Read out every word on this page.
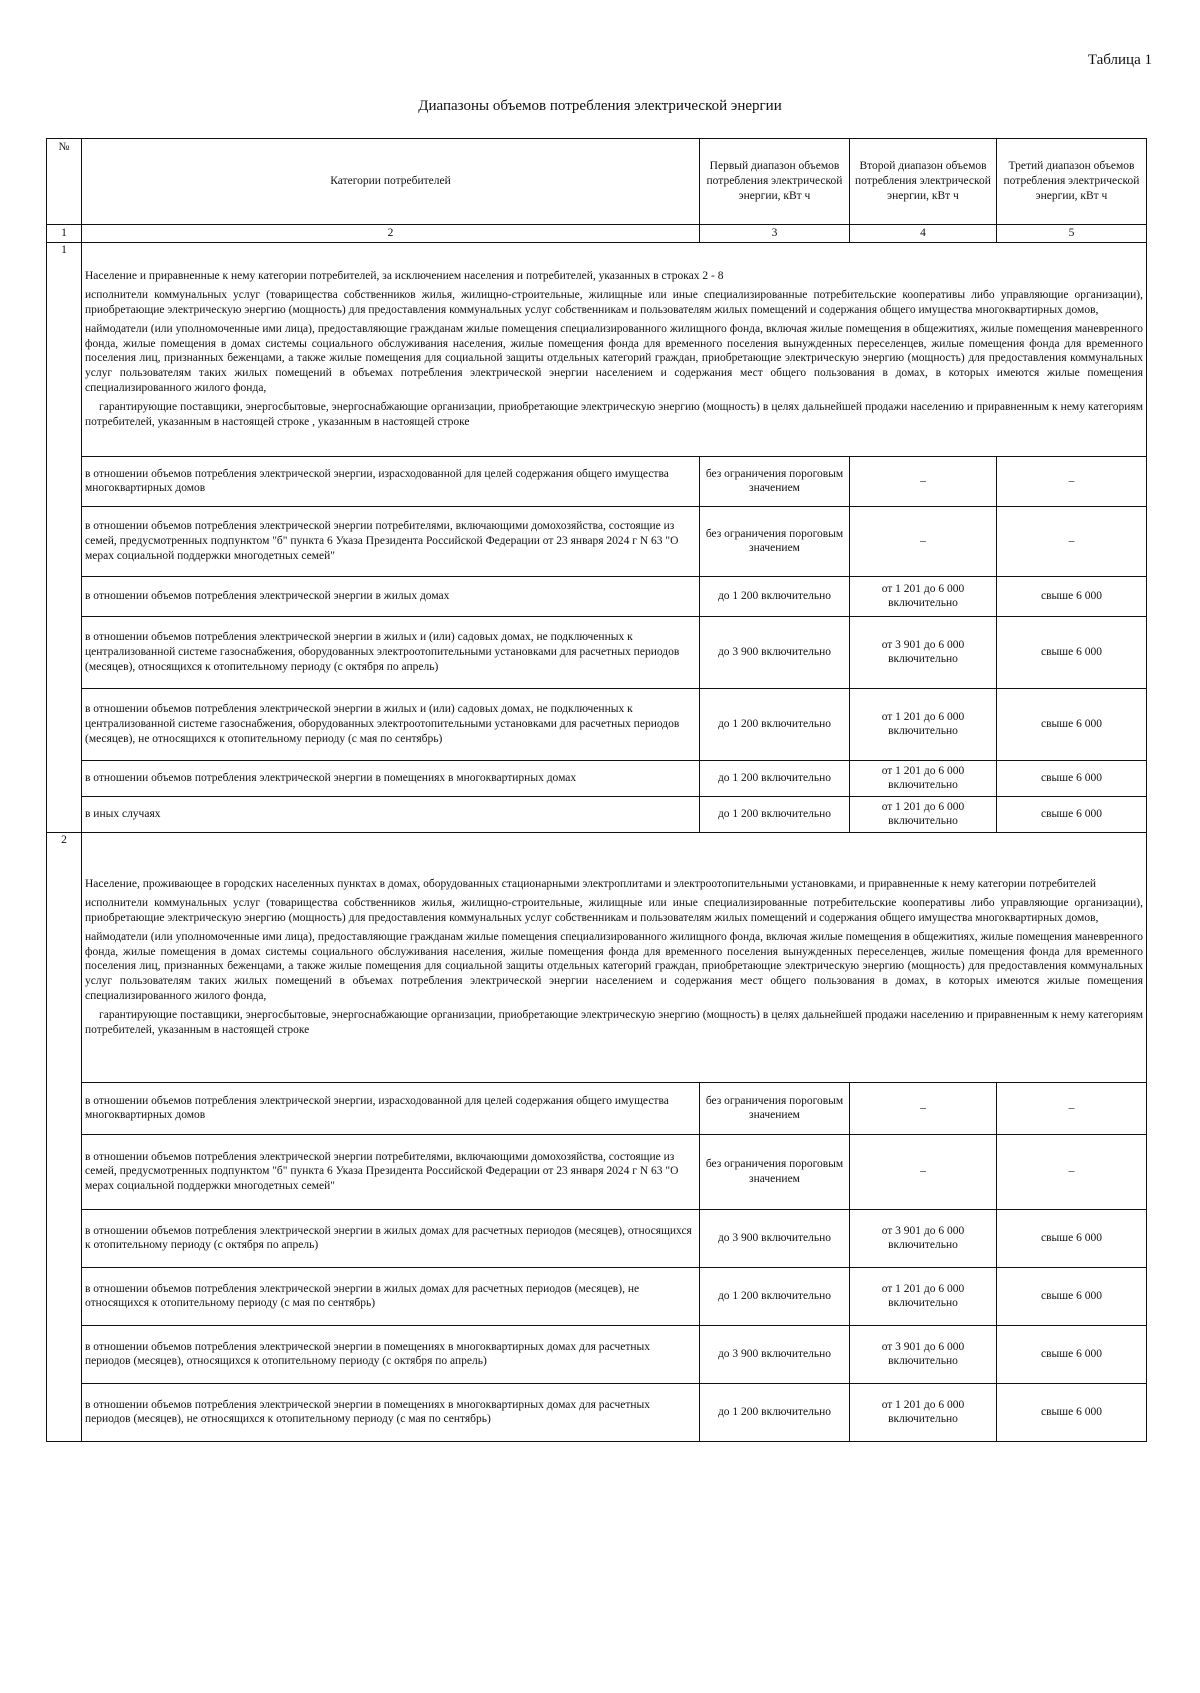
Таблица 1
Диапазоны объемов потребления электрической энергии
№	Категории потребителей	Первый диапазон объемов потребления электрической энергии, кВт ч	Второй диапазон объемов потребления электрической энергии, кВт ч	Третий диапазон объемов потребления электрической энергии, кВт ч
1	2	3	4	5
1	Население и приравненные к нему категории потребителей, за исключением населения и потребителей, указанных в строках 2 - 8

исполнители коммунальных услуг (товарищества собственников жилья, жилищно-строительные, жилищные или иные специализированные потребительские кооперативы либо управляющие организации), приобретающие электрическую энергию (мощность) для предоставления коммунальных услуг собственникам и пользователям жилых помещений и содержания общего имущества многоквартирных домов,

наймодатели (или уполномоченные ими лица), предоставляющие гражданам жилые помещения специализированного жилищного фонда, включая жилые помещения в общежитиях, жилые помещения маневренного фонда, жилые помещения в домах системы социального обслуживания населения, жилые помещения фонда для временного поселения вынужденных переселенцев, жилые помещения фонда для временного поселения лиц, признанных беженцами, а также жилые помещения для социальной защиты отдельных категорий граждан, приобретающие электрическую энергию (мощность) для предоставления коммунальных услуг пользователям таких жилых помещений в объемах потребления электрической энергии населением и содержания мест общего пользования в домах, в которых имеются жилые помещения специализированного жилого фонда,

гарантирующие поставщики, энергосбытовые, энергоснабжающие организации, приобретающие электрическую энергию (мощность) в целях дальнейшей продажи населению и приравненным к нему категориям потребителей, указанным в настоящей строке , указанным в настоящей строке			

	в отношении объемов потребления электрической энергии, израсходованной для целей содержания общего имущества многоквартирных домов	без ограничения пороговым значением	–	–
	в отношении объемов потребления электрической энергии потребителями, включающими домохозяйства, состоящие из семей, предусмотренных подпунктом "б" пункта 6 Указа Президента Российской Федерации от 23 января 2024 г N 63 "О мерах социальной поддержки многодетных семей"	без ограничения пороговым значением	–	–
	в отношении объемов потребления электрической энергии в жилых домах	до 1 200 включительно	от 1 201 до 6 000 включительно	свыше 6 000
	в отношении объемов потребления электрической энергии в жилых и (или) садовых домах, не подключенных к централизованной системе газоснабжения, оборудованных электроотопительными установками для расчетных периодов (месяцев), относящихся к отопительному периоду (с октября по апрель)	до 3 900 включительно	от 3 901 до 6 000 включительно	свыше 6 000
	в отношении объемов потребления электрической энергии в жилых и (или) садовых домах, не подключенных к централизованной системе газоснабжения, оборудованных электроотопительными установками для расчетных периодов (месяцев), не относящихся к отопительному периоду (с мая по сентябрь)	до 1 200 включительно	от 1 201 до 6 000 включительно	свыше 6 000
	в отношении объемов потребления электрической энергии в помещениях в многоквартирных домах	до 1 200 включительно	от 1 201 до 6 000 включительно	свыше 6 000
	в иных случаях	до 1 200 включительно	от 1 201 до 6 000 включительно	свыше 6 000
2	Население, проживающее в городских населенных пунктах в домах, оборудованных стационарными электроплитами и электроотопительными установками, и приравненные к нему категории потребителей

исполнители коммунальных услуг (товарищества собственников жилья, жилищно-строительные, жилищные или иные специализированные потребительские кооперативы либо управляющие организации), приобретающие электрическую энергию (мощность) для предоставления коммунальных услуг собственникам и пользователям жилых помещений и содержания общего имущества многоквартирных домов,

наймодатели (или уполномоченные ими лица), предоставляющие гражданам жилые помещения специализированного жилищного фонда, включая жилые помещения в общежитиях, жилые помещения маневренного фонда, жилые помещения в домах системы социального обслуживания населения, жилые помещения фонда для временного поселения вынужденных переселенцев, жилые помещения фонда для временного поселения лиц, признанных беженцами, а также жилые помещения для социальной защиты отдельных категорий граждан, приобретающие электрическую энергию (мощность) для предоставления коммунальных услуг пользователям таких жилых помещений в объемах потребления электрической энергии населением и содержания мест общего пользования в домах, в которых имеются жилые помещения специализированного жилого фонда,

гарантирующие поставщики, энергосбытовые, энергоснабжающие организации, приобретающие электрическую энергию (мощность) в целях дальнейшей продажи населению и приравненным к нему категориям потребителей, указанным в настоящей строке			

	в отношении объемов потребления электрической энергии, израсходованной для целей содержания общего имущества многоквартирных домов	без ограничения пороговым значением	–	–
	в отношении объемов потребления электрической энергии потребителями, включающими домохозяйства, состоящие из семей, предусмотренных подпунктом "б" пункта 6 Указа Президента Российской Федерации от 23 января 2024 г N 63 "О мерах социальной поддержки многодетных семей"	без ограничения пороговым значением	–	–
	в отношении объемов потребления электрической энергии в жилых домах для расчетных периодов (месяцев), относящихся к отопительному периоду (с октября по апрель)	до 3 900 включительно	от 3 901 до 6 000 включительно	свыше 6 000
	в отношении объемов потребления электрической энергии в жилых домах для расчетных периодов (месяцев), не относящихся к отопительному периоду (с мая по сентябрь)	до 1 200 включительно	от 1 201 до 6 000 включительно	свыше 6 000
	в отношении объемов потребления электрической энергии в помещениях в многоквартирных домах для расчетных периодов (месяцев), относящихся к отопительному периоду (с октября по апрель)	до 3 900 включительно	от 3 901 до 6 000 включительно	свыше 6 000
	в отношении объемов потребления электрической энергии в помещениях в многоквартирных домах для расчетных периодов (месяцев), не относящихся к отопительному периоду (с мая по сентябрь)	до 1 200 включительно	от 1 201 до 6 000 включительно	свыше 6 000
